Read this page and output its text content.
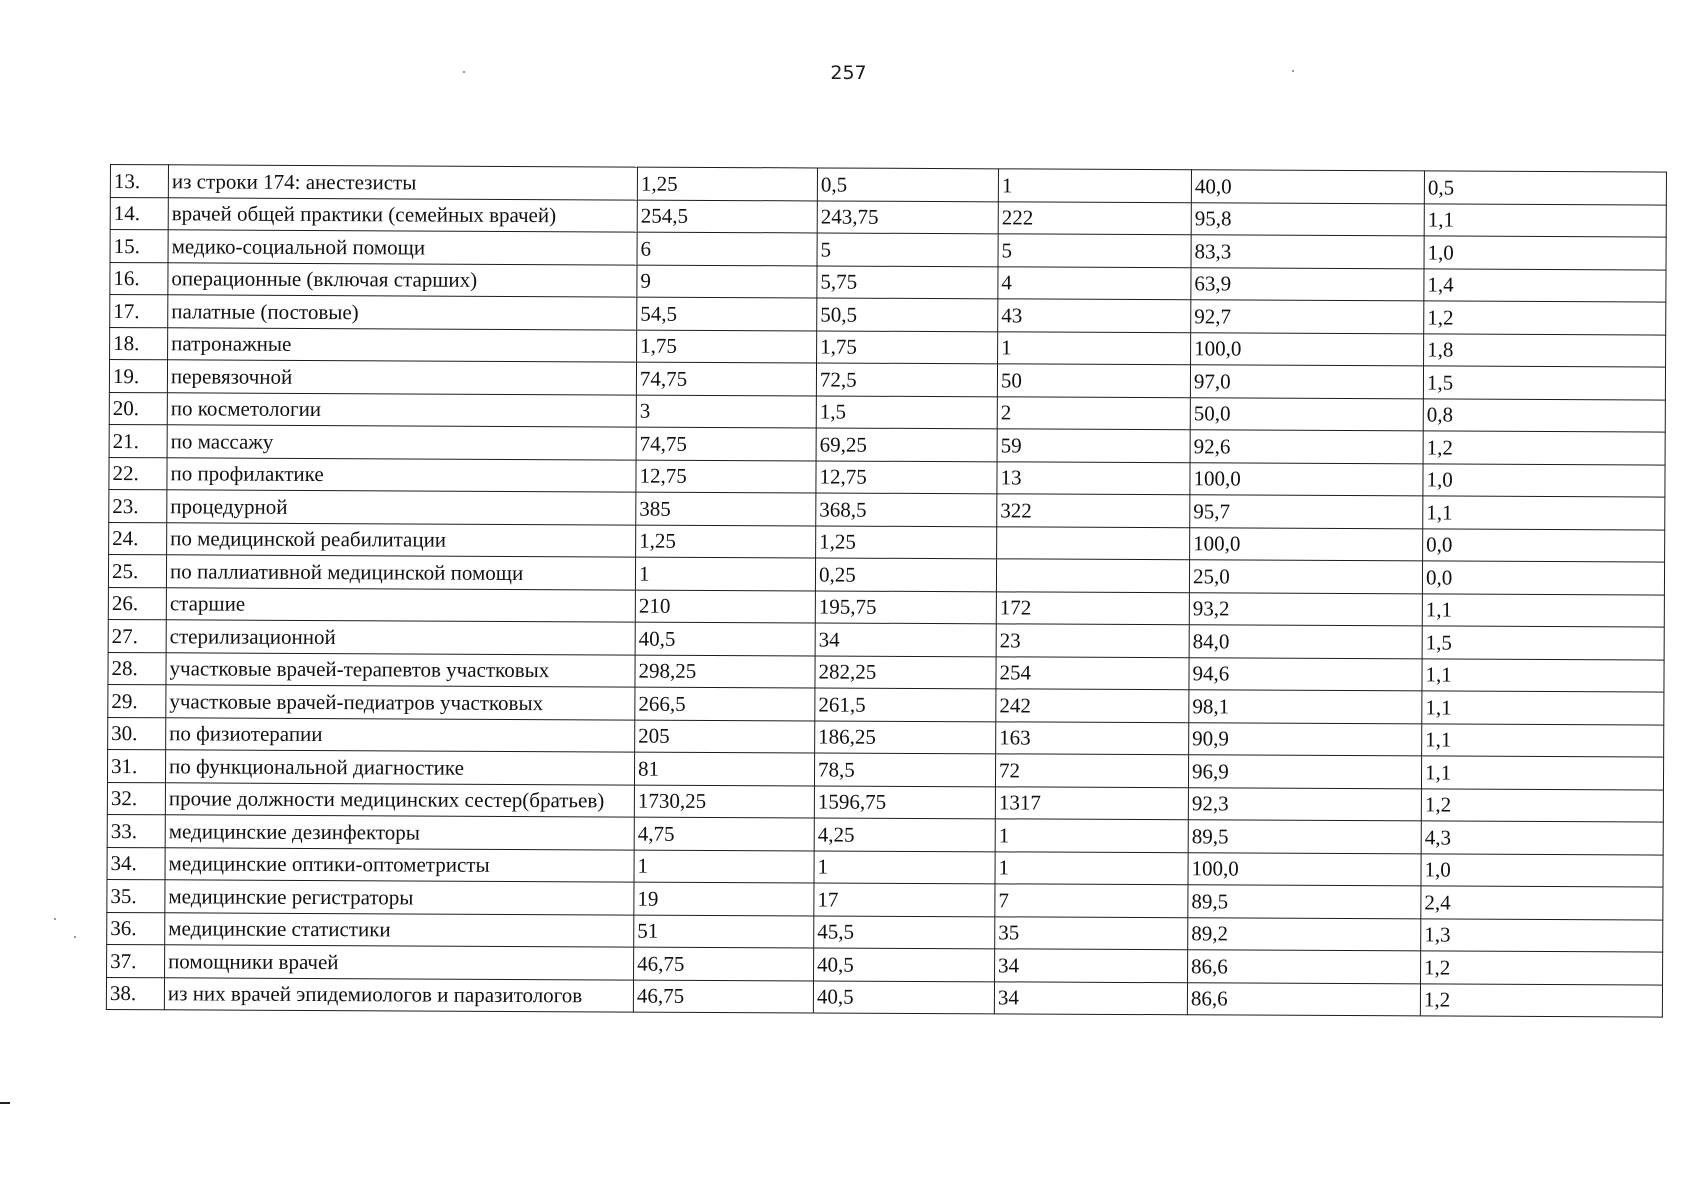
257
13.	из строки 174: анестезисты	1,25	0,5	1	40,0	0,5
14.	врачей общей практики (семейных врачей)	254,5	243,75	222	95,8	1,1
15.	медико-социальной помощи	6	5	5	83,3	1,0
16.	операционные (включая старших)	9	5,75	4	63,9	1,4
17.	палатные (постовые)	54,5	50,5	43	92,7	1,2
18.	патронажные	1,75	1,75	1	100,0	1,8
19.	перевязочной	74,75	72,5	50	97,0	1,5
20.	по косметологии	3	1,5	2	50,0	0,8
21.	по массажу	74,75	69,25	59	92,6	1,2
22.	по профилактике	12,75	12,75	13	100,0	1,0
23.	процедурной	385	368,5	322	95,7	1,1
24.	по медицинской реабилитации	1,25	1,25		100,0	0,0
25.	по паллиативной медицинской помощи	1	0,25		25,0	0,0
26.	старшие	210	195,75	172	93,2	1,1
27.	стерилизационной	40,5	34	23	84,0	1,5
28.	участковые врачей-терапевтов участковых	298,25	282,25	254	94,6	1,1
29.	участковые врачей-педиатров участковых	266,5	261,5	242	98,1	1,1
30.	по физиотерапии	205	186,25	163	90,9	1,1
31.	по функциональной диагностике	81	78,5	72	96,9	1,1
32.	прочие должности медицинских сестер(братьев)	1730,25	1596,75	1317	92,3	1,2
33.	медицинские дезинфекторы	4,75	4,25	1	89,5	4,3
34.	медицинские оптики-оптометристы	1	1	1	100,0	1,0
35.	медицинские регистраторы	19	17	7	89,5	2,4
36.	медицинские статистики	51	45,5	35	89,2	1,3
37.	помощники врачей	46,75	40,5	34	86,6	1,2
38.	из них врачей эпидемиологов и паразитологов	46,75	40,5	34	86,6	1,2
